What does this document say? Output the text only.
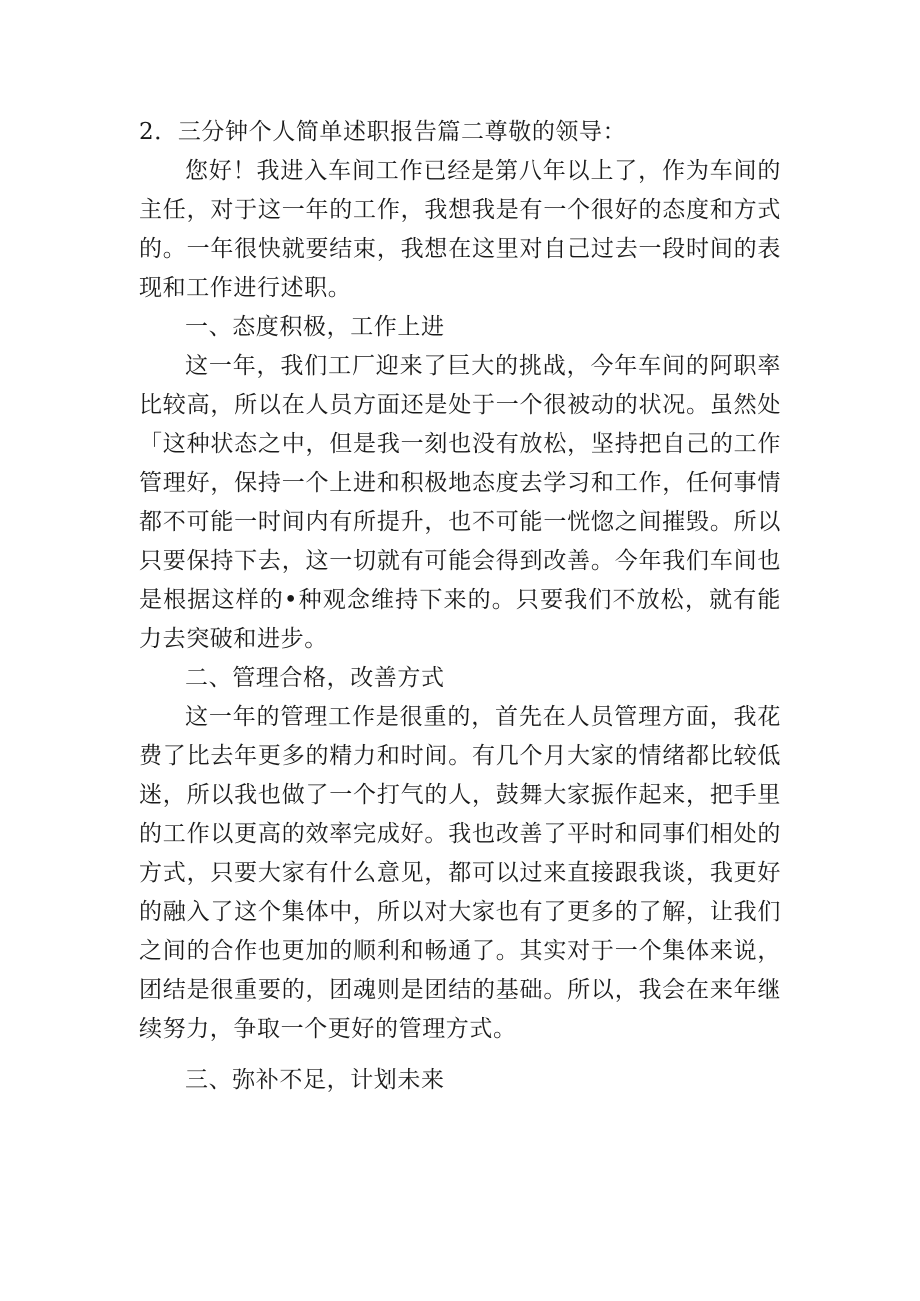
2．三分钟个人简单述职报告篇二尊敬的领导：

您好！我进入车间工作已经是第八年以上了，作为车间的主任，对于这一年的工作，我想我是有一个很好的态度和方式的。一年很快就要结束，我想在这里对自己过去一段时间的表现和工作进行述职。

一、态度积极，工作上进

这一年，我们工厂迎来了巨大的挑战，今年车间的阿职率比较高，所以在人员方面还是处于一个很被动的状况。虽然处「这种状态之中，但是我一刻也没有放松，坚持把自己的工作管理好，保持一个上进和积极地态度去学习和工作，任何事情都不可能一时间内有所提升，也不可能一恍惚之间摧毁。所以只要保持下去，这一切就有可能会得到改善。今年我们车间也是根据这样的•种观念维持下来的。只要我们不放松，就有能力去突破和进步。

二、管理合格，改善方式

这一年的管理工作是很重的，首先在人员管理方面，我花费了比去年更多的精力和时间。有几个月大家的情绪都比较低迷，所以我也做了一个打气的人，鼓舞大家振作起来，把手里的工作以更高的效率完成好。我也改善了平时和同事们相处的方式，只要大家有什么意见，都可以过来直接跟我谈，我更好的融入了这个集体中，所以对大家也有了更多的了解，让我们之间的合作也更加的顺利和畅通了。其实对于一个集体来说，团结是很重要的，团魂则是团结的基础。所以，我会在来年继续努力，争取一个更好的管理方式。

三、弥补不足，计划未来
